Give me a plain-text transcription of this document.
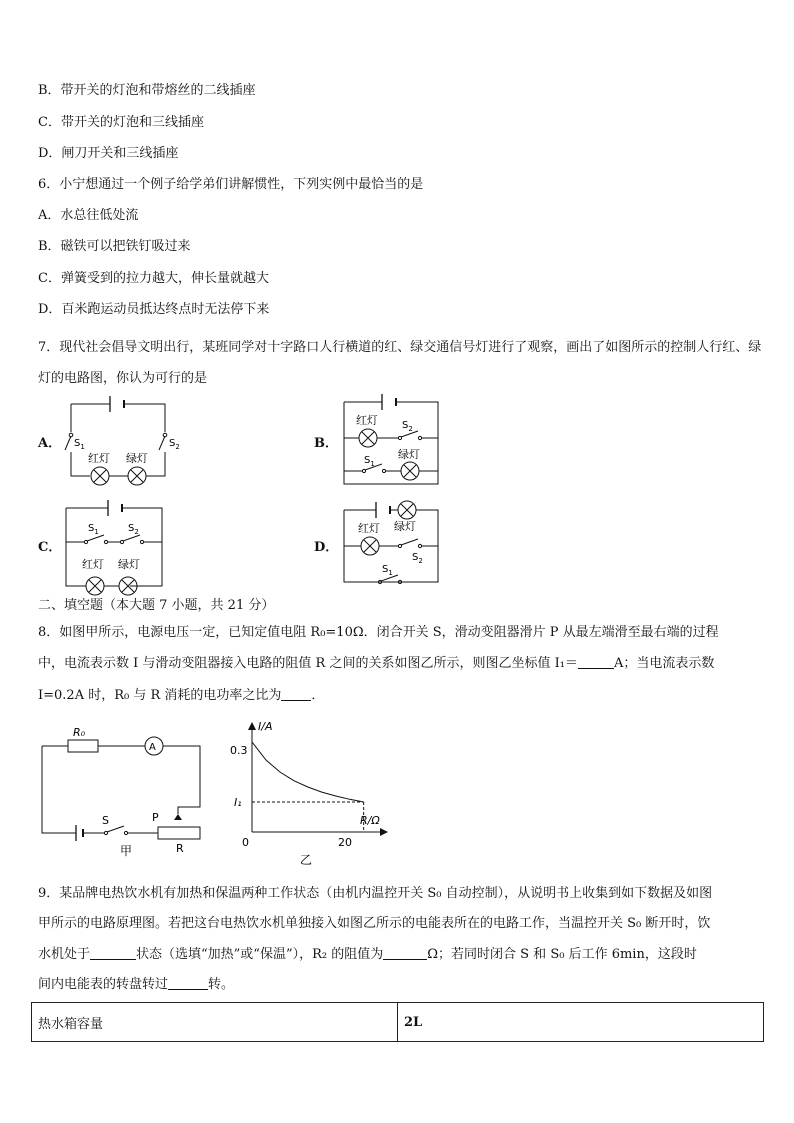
B．带开关的灯泡和带熔丝的二线插座
C．带开关的灯泡和三线插座
D．闸刀开关和三线插座
6．小宁想通过一个例子给学弟们讲解惯性，下列实例中最恰当的是
A．水总往低处流
B．磁铁可以把铁钉吸过来
C．弹簧受到的拉力越大，伸长量就越大
D．百米跑运动员抵达终点时无法停下来
7．现代社会倡导文明出行，某班同学对十字路口人行横道的红、绿交通信号灯进行了观察，画出了如图所示的控制人行红、绿灯的电路图，你认为可行的是
A．	B．
C．	D．
$S_1$	$S_2$
红灯 绿灯
红灯 $S_2$
$S_1$
绿灯
$S_1$	$S_2$
红灯 绿灯
红灯 绿灯
$S_2$
$S_1$
二、填空题（本大题 7 小题，共 21 分）
8．如图甲所示，电源电压一定，已知定值电阻 R₀=10Ω．闭合开关 S，滑动变阻器滑片 P 从最左端滑至最右端的过程
中，电流表示数 I 与滑动变阻器接入电路的阻值 R 之间的关系如图乙所示，则图乙坐标值 I₁＝	A；当电流表示数
I=0.2A 时，R₀ 与 R 消耗的电功率之比为 ．
R₀
A
S	P
R
甲
I/A
R/Ω
0.3
I₁
0	20
乙
9．某品牌电热饮水机有加热和保温两种工作状态（由机内温控开关 S₀ 自动控制），从说明书上收集到如下数据及如图
甲所示的电路原理图。若把这台电热饮水机单独接入如图乙所示的电能表所在的电路工作，当温控开关 S₀ 断开时，饮
水机处于	状态（选填“加热”或“保温”），R₂ 的阻值为	Ω；若同时闭合 S 和 S₀ 后工作 6min，这段时
间内电能表的转盘转过	转。
热水箱容量	2L
